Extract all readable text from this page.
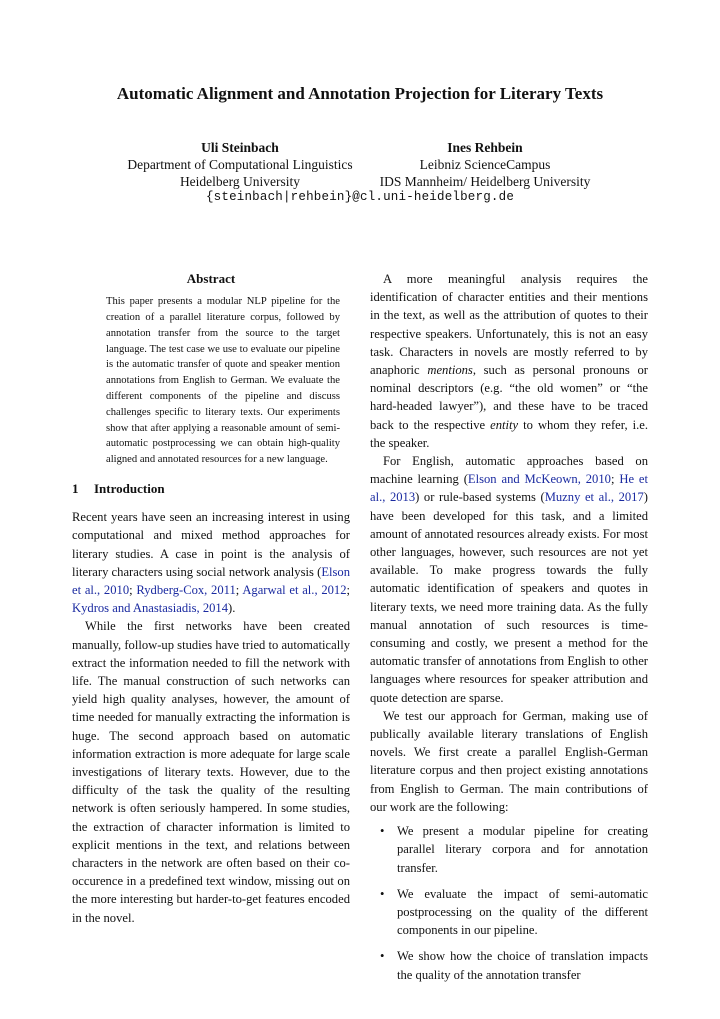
Automatic Alignment and Annotation Projection for Literary Texts
Uli Steinbach
Department of Computational Linguistics
Heidelberg University
Ines Rehbein
Leibniz ScienceCampus
IDS Mannheim/ Heidelberg University
{steinbach|rehbein}@cl.uni-heidelberg.de
Abstract

This paper presents a modular NLP pipeline for the creation of a parallel literature corpus, followed by annotation transfer from the source to the target language. The test case we use to evaluate our pipeline is the automatic transfer of quote and speaker mention annotations from English to German. We evaluate the different components of the pipeline and discuss challenges specific to literary texts. Our experiments show that after applying a reasonable amount of semi-automatic postprocessing we can obtain high-quality aligned and annotated resources for a new language.

1 Introduction

Recent years have seen an increasing interest in using computational and mixed method approaches for literary studies. A case in point is the analysis of literary characters using social network analysis (Elson et al., 2010; Rydberg-Cox, 2011; Agarwal et al., 2012; Kydros and Anastasiadis, 2014).

While the first networks have been created manually, follow-up studies have tried to automatically extract the information needed to fill the network with life. The manual construction of such networks can yield high quality analyses, however, the amount of time needed for manually extracting the information is huge. The second approach based on automatic information extraction is more adequate for large scale investigations of literary texts. However, due to the difficulty of the task the quality of the resulting network is often seriously hampered. In some studies, the extraction of character information is limited to explicit mentions in the text, and relations between characters in the network are often based on their co-occurence in a predefined text window, missing out on the more interesting but harder-to-get features encoded in the novel.

A more meaningful analysis requires the identification of character entities and their mentions in the text, as well as the attribution of quotes to their respective speakers. Unfortunately, this is not an easy task. Characters in novels are mostly referred to by anaphoric mentions, such as personal pronouns or nominal descriptors (e.g. “the old women” or “the hard-headed lawyer”), and these have to be traced back to the respective entity to whom they refer, i.e. the speaker.

For English, automatic approaches based on machine learning (Elson and McKeown, 2010; He et al., 2013) or rule-based systems (Muzny et al., 2017) have been developed for this task, and a limited amount of annotated resources already exists. For most other languages, however, such resources are not yet available. To make progress towards the fully automatic identification of speakers and quotes in literary texts, we need more training data. As the fully manual annotation of such resources is time-consuming and costly, we present a method for the automatic transfer of annotations from English to other languages where resources for speaker attribution and quote detection are sparse.

We test our approach for German, making use of publically available literary translations of English novels. We first create a parallel English-German literature corpus and then project existing annotations from English to German. The main contributions of our work are the following:

• We present a modular pipeline for creating parallel literary corpora and for annotation transfer.
• We evaluate the impact of semi-automatic postprocessing on the quality of the different components in our pipeline.
• We show how the choice of translation impacts the quality of the annotation transfer
